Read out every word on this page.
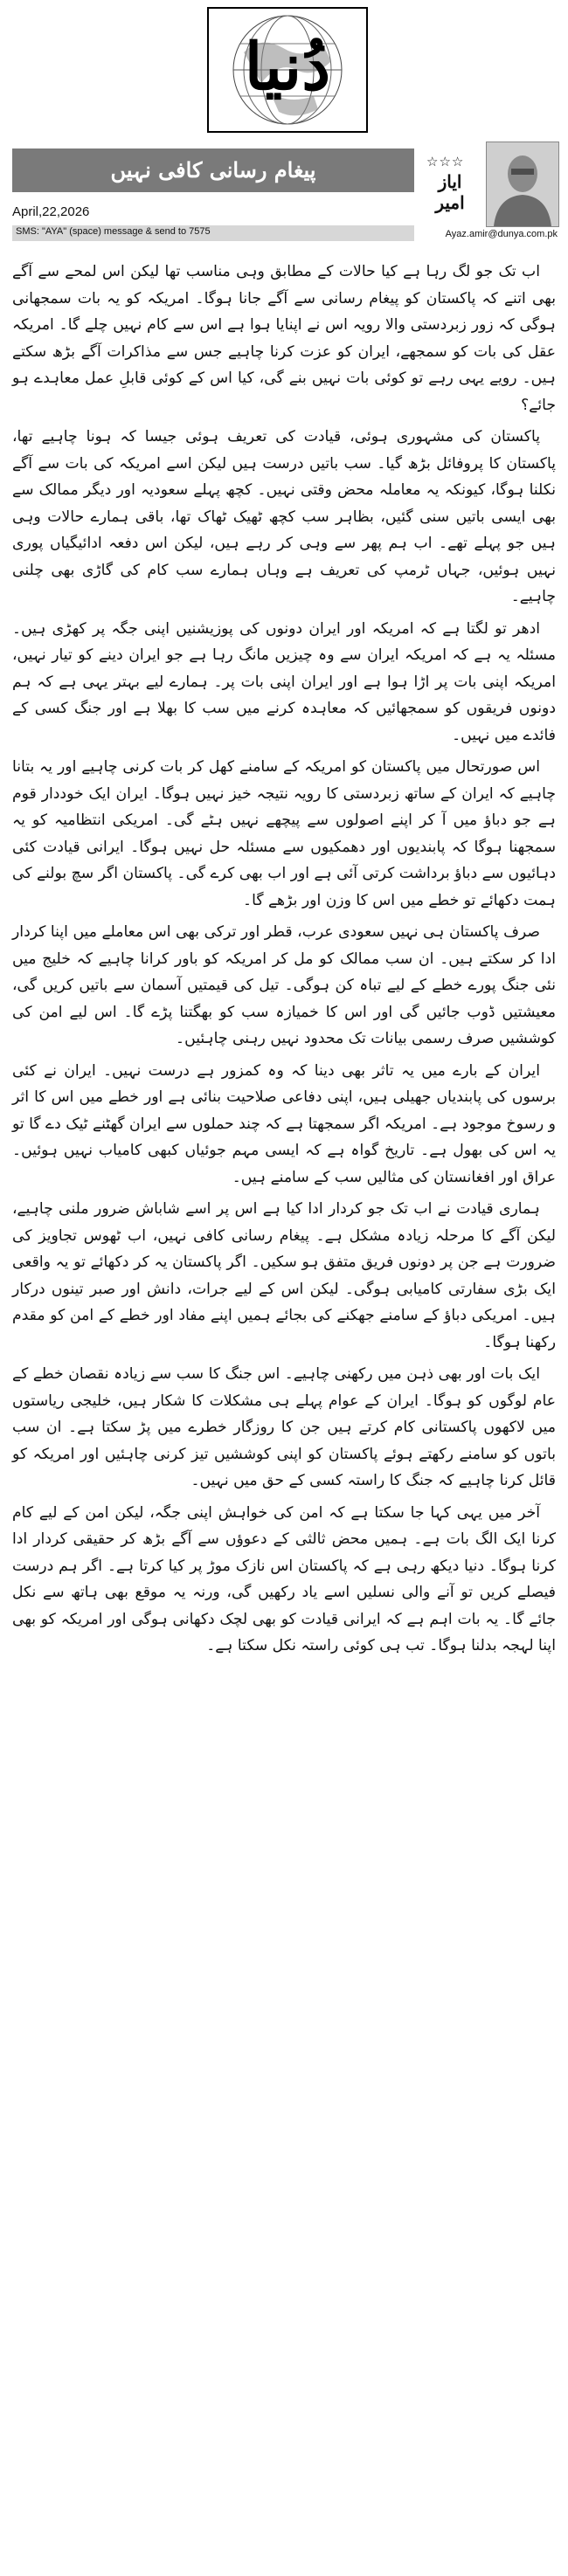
دُنیا
پیغام رسانی کافی نہیں	☆☆☆
ایاز امیر
April,22,2026
SMS: "AYA" (space) message & send to 7575	Ayaz.amir@dunya.com.pk

اب تک جو لگ رہا ہے کیا حالات کے مطابق وہی مناسب تھا لیکن اس لمحے سے آگے بھی اتنے کہ پاکستان کو پیغام رسانی سے آگے جانا ہوگا۔ امریکہ کو یہ بات سمجھانی ہوگی کہ زور زبردستی والا رویہ اس نے اپنایا ہوا ہے اس سے کام نہیں چلے گا۔ امریکہ عقل کی بات کو سمجھے، ایران کو عزت کرنا چاہیے جس سے مذاکرات آگے بڑھ سکتے ہیں۔ رویے یہی رہے تو کوئی بات نہیں بنے گی، کیا اس کے کوئی قابلِ عمل معاہدے ہو جائے؟

پاکستان کی مشہوری ہوئی، قیادت کی تعریف ہوئی جیسا کہ ہونا چاہیے تھا، پاکستان کا پروفائل بڑھ گیا۔ سب باتیں درست ہیں لیکن اسے امریکہ کی بات سے آگے نکلنا ہوگا، کیونکہ یہ معاملہ محض وقتی نہیں۔ کچھ پہلے سعودیہ اور دیگر ممالک سے بھی ایسی باتیں سنی گئیں، بظاہر سب کچھ ٹھیک ٹھاک تھا، باقی ہمارے حالات وہی ہیں جو پہلے تھے۔ اب ہم پھر سے وہی کر رہے ہیں، لیکن اس دفعہ ادائیگیاں پوری نہیں ہوئیں، جہاں ٹرمپ کی تعریف ہے وہاں ہمارے سب کام کی گاڑی بھی چلنی چاہیے۔

ادھر تو لگتا ہے کہ امریکہ اور ایران دونوں کی پوزیشنیں اپنی جگہ پر کھڑی ہیں۔ مسئلہ یہ ہے کہ امریکہ ایران سے وہ چیزیں مانگ رہا ہے جو ایران دینے کو تیار نہیں، امریکہ اپنی بات پر اڑا ہوا ہے اور ایران اپنی بات پر۔ ہمارے لیے بہتر یہی ہے کہ ہم دونوں فریقوں کو سمجھائیں کہ معاہدہ کرنے میں سب کا بھلا ہے اور جنگ کسی کے فائدے میں نہیں۔

اس صورتحال میں پاکستان کو امریکہ کے سامنے کھل کر بات کرنی چاہیے اور یہ بتانا چاہیے کہ ایران کے ساتھ زبردستی کا رویہ نتیجہ خیز نہیں ہوگا۔ ایران ایک خوددار قوم ہے جو دباؤ میں آ کر اپنے اصولوں سے پیچھے نہیں ہٹے گی۔ امریکی انتظامیہ کو یہ سمجھنا ہوگا کہ پابندیوں اور دھمکیوں سے مسئلہ حل نہیں ہوگا۔ ایرانی قیادت کئی دہائیوں سے دباؤ برداشت کرتی آئی ہے اور اب بھی کرے گی۔ پاکستان اگر سچ بولنے کی ہمت دکھائے تو خطے میں اس کا وزن اور بڑھے گا۔

صرف پاکستان ہی نہیں سعودی عرب، قطر اور ترکی بھی اس معاملے میں اپنا کردار ادا کر سکتے ہیں۔ ان سب ممالک کو مل کر امریکہ کو باور کرانا چاہیے کہ خلیج میں نئی جنگ پورے خطے کے لیے تباہ کن ہوگی۔ تیل کی قیمتیں آسمان سے باتیں کریں گی، معیشتیں ڈوب جائیں گی اور اس کا خمیازہ سب کو بھگتنا پڑے گا۔ اس لیے امن کی کوششیں صرف رسمی بیانات تک محدود نہیں رہنی چاہئیں۔

ایران کے بارے میں یہ تاثر بھی دینا کہ وہ کمزور ہے درست نہیں۔ ایران نے کئی برسوں کی پابندیاں جھیلی ہیں، اپنی دفاعی صلاحیت بنائی ہے اور خطے میں اس کا اثر و رسوخ موجود ہے۔ امریکہ اگر سمجھتا ہے کہ چند حملوں سے ایران گھٹنے ٹیک دے گا تو یہ اس کی بھول ہے۔ تاریخ گواہ ہے کہ ایسی مہم جوئیاں کبھی کامیاب نہیں ہوئیں۔ عراق اور افغانستان کی مثالیں سب کے سامنے ہیں۔

ہماری قیادت نے اب تک جو کردار ادا کیا ہے اس پر اسے شاباش ضرور ملنی چاہیے، لیکن آگے کا مرحلہ زیادہ مشکل ہے۔ پیغام رسانی کافی نہیں، اب ٹھوس تجاویز کی ضرورت ہے جن پر دونوں فریق متفق ہو سکیں۔ اگر پاکستان یہ کر دکھائے تو یہ واقعی ایک بڑی سفارتی کامیابی ہوگی۔ لیکن اس کے لیے جرات، دانش اور صبر تینوں درکار ہیں۔ امریکی دباؤ کے سامنے جھکنے کی بجائے ہمیں اپنے مفاد اور خطے کے امن کو مقدم رکھنا ہوگا۔

ایک بات اور بھی ذہن میں رکھنی چاہیے۔ اس جنگ کا سب سے زیادہ نقصان خطے کے عام لوگوں کو ہوگا۔ ایران کے عوام پہلے ہی مشکلات کا شکار ہیں، خلیجی ریاستوں میں لاکھوں پاکستانی کام کرتے ہیں جن کا روزگار خطرے میں پڑ سکتا ہے۔ ان سب باتوں کو سامنے رکھتے ہوئے پاکستان کو اپنی کوششیں تیز کرنی چاہئیں اور امریکہ کو قائل کرنا چاہیے کہ جنگ کا راستہ کسی کے حق میں نہیں۔

آخر میں یہی کہا جا سکتا ہے کہ امن کی خواہش اپنی جگہ، لیکن امن کے لیے کام کرنا ایک الگ بات ہے۔ ہمیں محض ثالثی کے دعوؤں سے آگے بڑھ کر حقیقی کردار ادا کرنا ہوگا۔ دنیا دیکھ رہی ہے کہ پاکستان اس نازک موڑ پر کیا کرتا ہے۔ اگر ہم درست فیصلے کریں تو آنے والی نسلیں اسے یاد رکھیں گی، ورنہ یہ موقع بھی ہاتھ سے نکل جائے گا۔ یہ بات اہم ہے کہ ایرانی قیادت کو بھی لچک دکھانی ہوگی اور امریکہ کو بھی اپنا لہجہ بدلنا ہوگا۔ تب ہی کوئی راستہ نکل سکتا ہے۔
